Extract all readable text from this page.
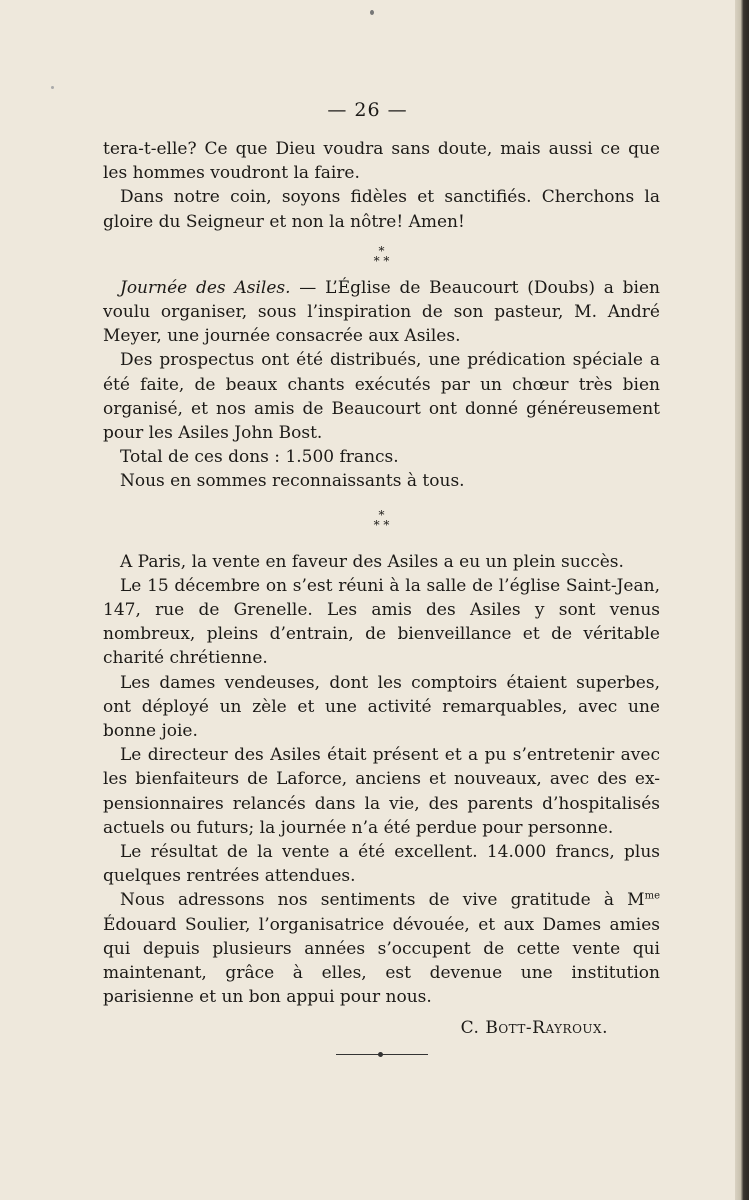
— 26 —

tera-t-elle? Ce que Dieu voudra sans doute, mais aussi ce que les hommes voudront la faire.

Dans notre coin, soyons fidèles et sanctifiés. Cherchons la gloire du Seigneur et non la nôtre! Amen!

*
* *

Journée des Asiles. — L’Église de Beaucourt (Doubs) a bien voulu organiser, sous l’inspiration de son pasteur, M. André Meyer, une journée consacrée aux Asiles.

Des prospectus ont été distribués, une prédication spéciale a été faite, de beaux chants exécutés par un chœur très bien organisé, et nos amis de Beaucourt ont donné généreusement pour les Asiles John Bost.

Total de ces dons : 1.500 francs.

Nous en sommes reconnaissants à tous.

*
* *

A Paris, la vente en faveur des Asiles a eu un plein succès.

Le 15 décembre on s’est réuni à la salle de l’église Saint-Jean, 147, rue de Grenelle. Les amis des Asiles y sont venus nombreux, pleins d’entrain, de bienveillance et de véritable charité chrétienne.

Les dames vendeuses, dont les comptoirs étaient superbes, ont déployé un zèle et une activité remarquables, avec une bonne joie.

Le directeur des Asiles était présent et a pu s’entretenir avec les bienfaiteurs de Laforce, anciens et nouveaux, avec des ex-pensionnaires relancés dans la vie, des parents d’hospitalisés actuels ou futurs; la journée n’a été perdue pour personne.

Le résultat de la vente a été excellent. 14.000 francs, plus quelques rentrées attendues.

Nous adressons nos sentiments de vive gratitude à $M^{me}$ Édouard Soulier, l’organisatrice dévouée, et aux Dames amies qui depuis plusieurs années s’occupent de cette vente qui maintenant, grâce à elles, est devenue une institution parisienne et un bon appui pour nous.

C. Bott-Rayroux.
